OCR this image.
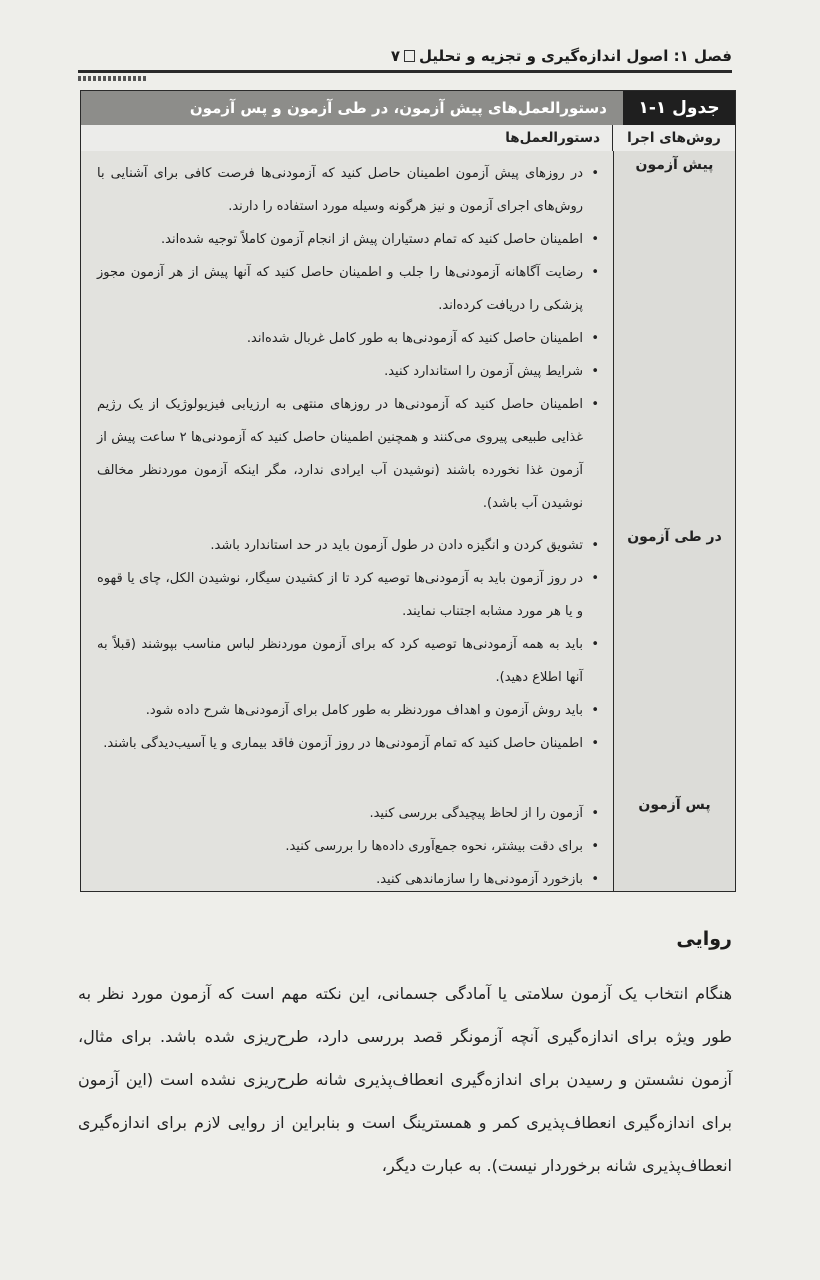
فصل ۱: اصول اندازه‌گیری و تجزیه و تحلیل
۷
جدول ۱-۱
دستورالعمل‌های پیش آزمون، در طی آزمون و پس آزمون
روش‌های اجرا
دستورالعمل‌ها
پیش آزمون
• در روزهای پیش آزمون اطمینان حاصل کنید که آزمودنی‌ها فرصت کافی برای آشنایی با روش‌های اجرای آزمون و نیز هرگونه وسیله مورد استفاده را دارند.
• اطمینان حاصل کنید که تمام دستیاران پیش از انجام آزمون کاملاً توجیه شده‌اند.
• رضایت آگاهانه آزمودنی‌ها را جلب و اطمینان حاصل کنید که آنها پیش از هر آزمون مجوز پزشکی را دریافت کرده‌اند.
• اطمینان حاصل کنید که آزمودنی‌ها به طور کامل غربال شده‌اند.
• شرایط پیش آزمون را استاندارد کنید.
• اطمینان حاصل کنید که آزمودنی‌ها در روزهای منتهی به ارزیابی فیزیولوژیک از یک رژیم غذایی طبیعی پیروی می‌کنند و همچنین اطمینان حاصل کنید که آزمودنی‌ها ۲ ساعت پیش از آزمون غذا نخورده باشند (نوشیدن آب ایرادی ندارد، مگر اینکه آزمون موردنظر مخالف نوشیدن آب باشد).
در طی آزمون
• تشویق کردن و انگیزه دادن در طول آزمون باید در حد استاندارد باشد.
• در روز آزمون باید به آزمودنی‌ها توصیه کرد تا از کشیدن سیگار، نوشیدن الکل، چای یا قهوه و یا هر مورد مشابه اجتناب نمایند.
• باید به همه آزمودنی‌ها توصیه کرد که برای آزمون موردنظر لباس مناسب بپوشند (قبلاً به آنها اطلاع دهید).
• باید روش آزمون و اهداف موردنظر به طور کامل برای آزمودنی‌ها شرح داده شود.
• اطمینان حاصل کنید که تمام آزمودنی‌ها در روز آزمون فاقد بیماری و یا آسیب‌دیدگی باشند.
پس آزمون
• آزمون را از لحاظ پیچیدگی بررسی کنید.
• برای دقت بیشتر، نحوه جمع‌آوری داده‌ها را بررسی کنید.
• بازخورد آزمودنی‌ها را سازماندهی کنید.
روایی

هنگام انتخاب یک آزمون سلامتی یا آمادگی جسمانی، این نکته مهم است که آزمون مورد نظر به طور ویژه برای اندازه‌گیری آنچه آزمونگر قصد بررسی دارد، طرح‌ریزی شده باشد. برای مثال، آزمون نشستن و رسیدن برای اندازه‌گیری انعطاف‌پذیری شانه طرح‌ریزی نشده است (این آزمون برای اندازه‌گیری انعطاف‌پذیری کمر و همسترینگ است و بنابراین از روایی لازم برای اندازه‌گیری انعطاف‌پذیری شانه برخوردار نیست). به عبارت دیگر،
